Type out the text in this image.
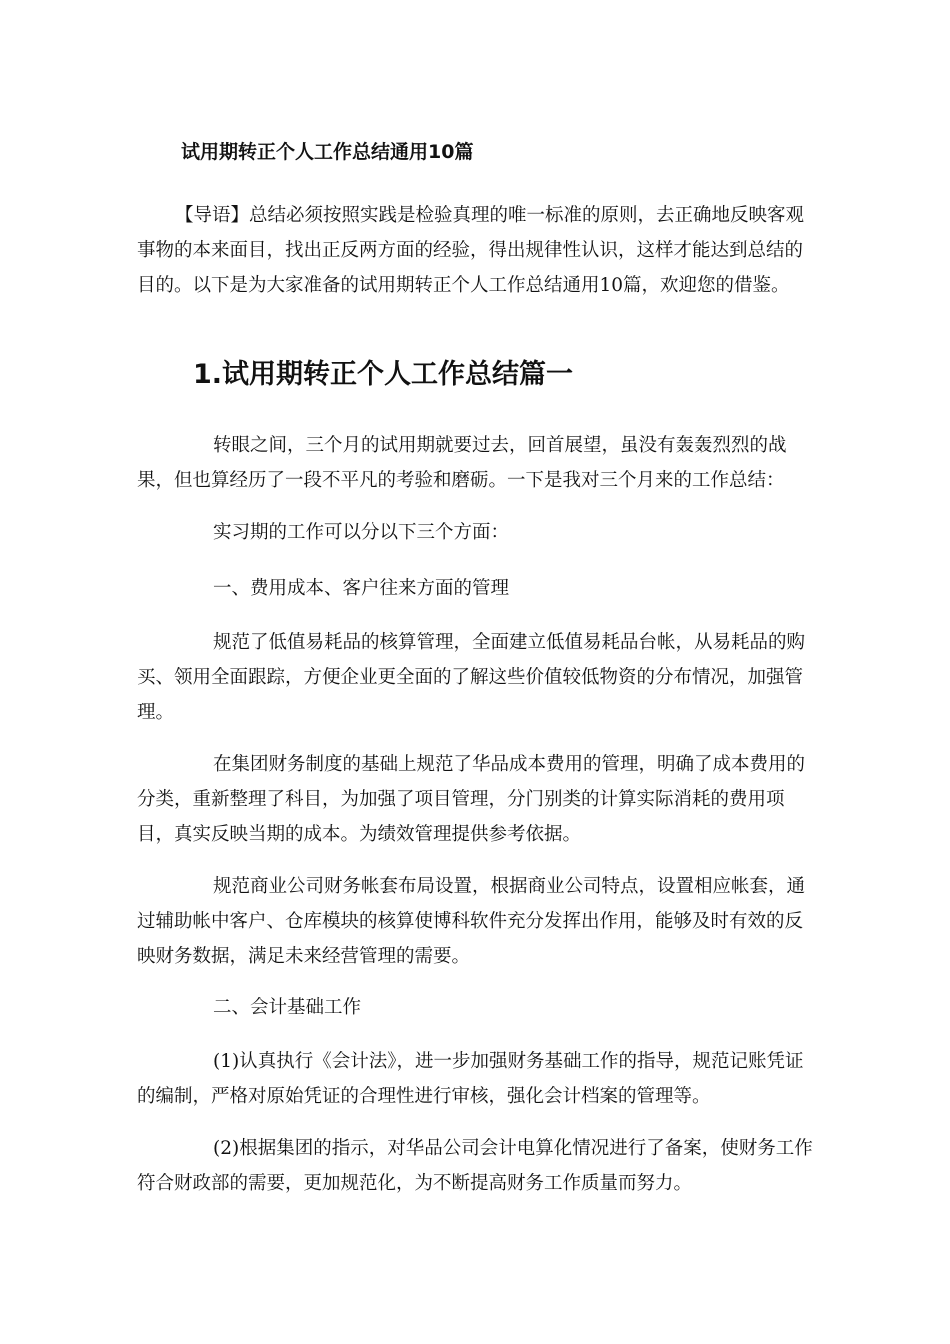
试用期转正个人工作总结通用10篇

【导语】总结必须按照实践是检验真理的唯一标准的原则，去正确地反映客观事物的本来面目，找出正反两方面的经验，得出规律性认识，这样才能达到总结的目的。以下是为大家准备的试用期转正个人工作总结通用10篇，欢迎您的借鉴。

1.试用期转正个人工作总结篇一

转眼之间，三个月的试用期就要过去，回首展望，虽没有轰轰烈烈的战果，但也算经历了一段不平凡的考验和磨砺。一下是我对三个月来的工作总结：

实习期的工作可以分以下三个方面：

一、费用成本、客户往来方面的管理

规范了低值易耗品的核算管理，全面建立低值易耗品台帐，从易耗品的购买、领用全面跟踪，方便企业更全面的了解这些价值较低物资的分布情况，加强管理。

在集团财务制度的基础上规范了华品成本费用的管理，明确了成本费用的分类，重新整理了科目，为加强了项目管理，分门别类的计算实际消耗的费用项目，真实反映当期的成本。为绩效管理提供参考依据。

规范商业公司财务帐套布局设置，根据商业公司特点，设置相应帐套，通过辅助帐中客户、仓库模块的核算使博科软件充分发挥出作用，能够及时有效的反映财务数据，满足未来经营管理的需要。

二、会计基础工作

(1)认真执行《会计法》，进一步加强财务基础工作的指导，规范记账凭证的编制，严格对原始凭证的合理性进行审核，强化会计档案的管理等。

(2)根据集团的指示，对华品公司会计电算化情况进行了备案，使财务工作符合财政部的需要，更加规范化，为不断提高财务工作质量而努力。
